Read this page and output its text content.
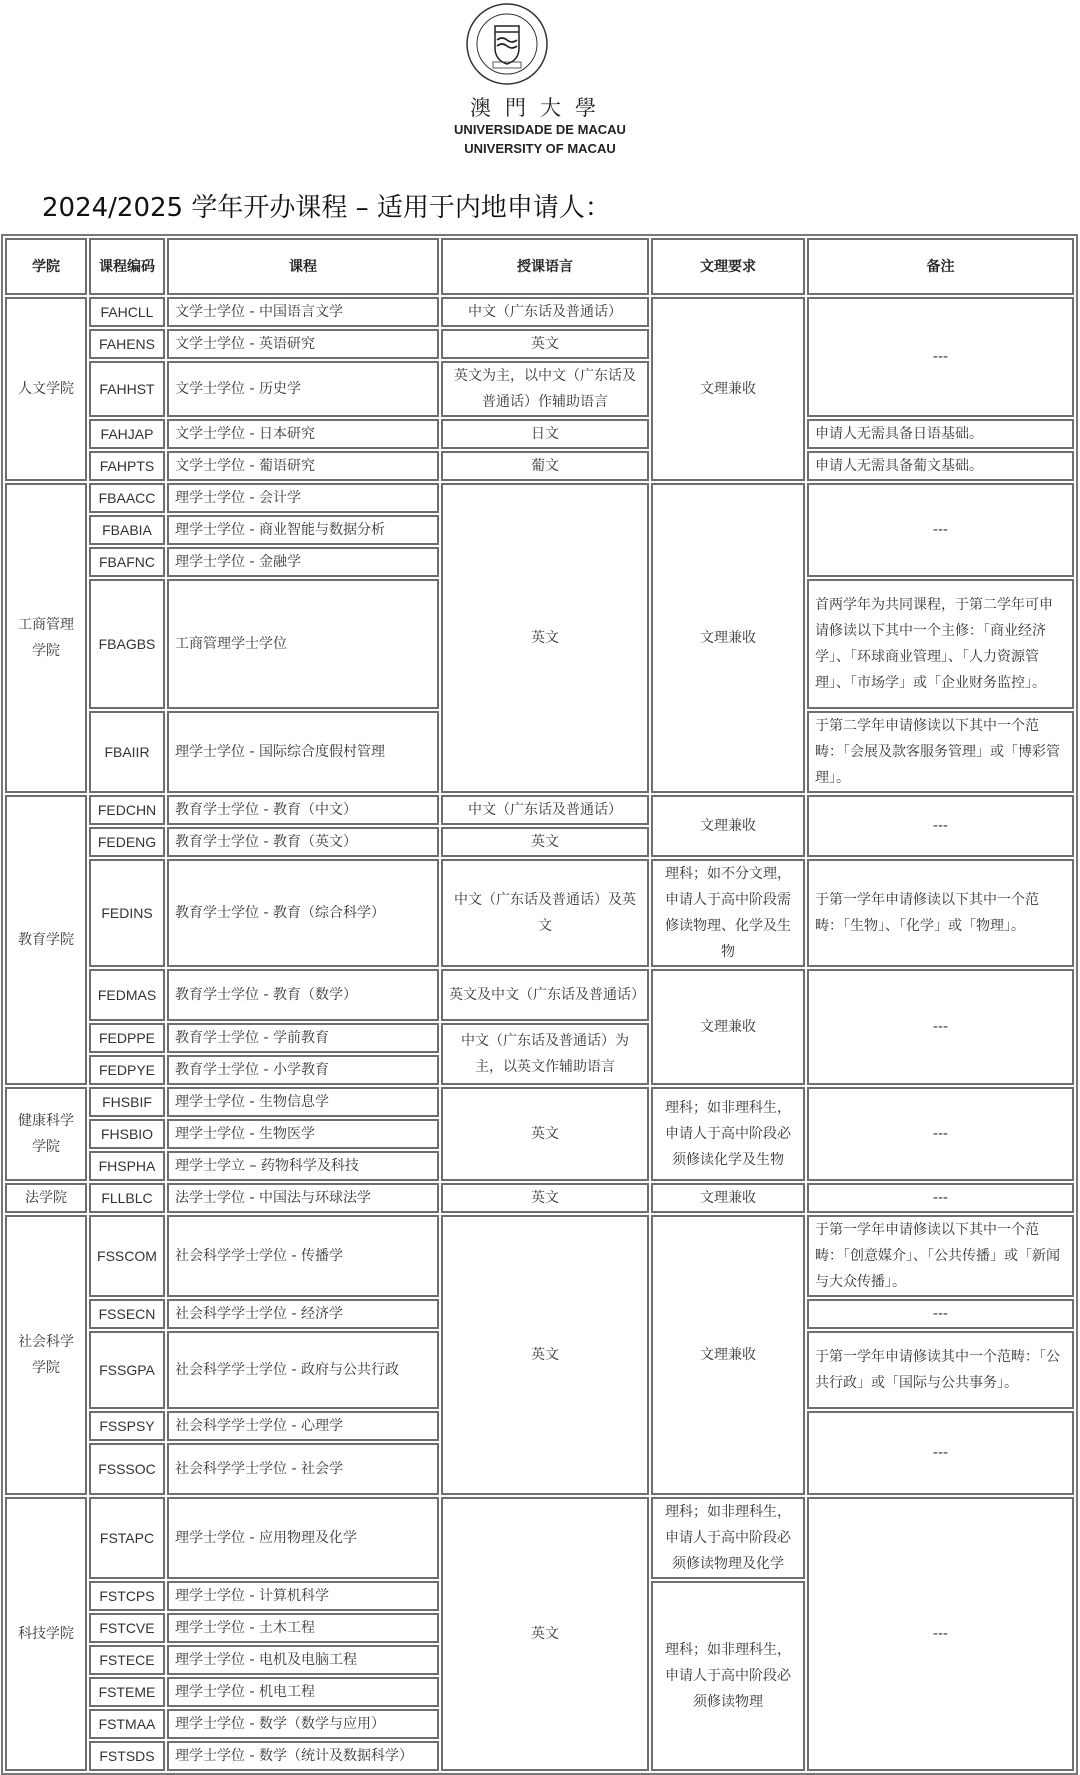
澳門大學
UNIVERSIDADE DE MACAU
UNIVERSITY OF MACAU
2024/2025 学年开办课程 – 适用于内地申请人：
学院	课程编码	课程	授课语言	文理要求	备注
人文学院	FAHCLL	文学士学位 - 中国语言文学	中文（广东话及普通话）	文理兼收	---
	FAHENS	文学士学位 - 英语研究	英文		
	FAHHST	文学士学位 - 历史学	英文为主，以中文（广东话及普通话）作辅助语言		
	FAHJAP	文学士学位 - 日本研究	日文		申请人无需具备日语基础。
	FAHPTS	文学士学位 - 葡语研究	葡文		申请人无需具备葡文基础。
工商管理学院	FBAACC	理学士学位 - 会计学	英文	文理兼收	---
	FBABIA	理学士学位 - 商业智能与数据分析			
	FBAFNC	理学士学位 - 金融学			
	FBAGBS	工商管理学士学位			首两学年为共同课程，于第二学年可申请修读以下其中一个主修：「商业经济学」、「环球商业管理」、「人力资源管理」、「市场学」或「企业财务监控」。
	FBAIIR	理学士学位 - 国际综合度假村管理			于第二学年申请修读以下其中一个范畴：「会展及款客服务管理」或「博彩管理」。
教育学院	FEDCHN	教育学士学位 - 教育（中文）	中文（广东话及普通话）	文理兼收	---
	FEDENG	教育学士学位 - 教育（英文）	英文		
	FEDINS	教育学士学位 - 教育（综合科学）	中文（广东话及普通话）及英文	理科；如不分文理，申请人于高中阶段需修读物理、化学及生物	于第一学年申请修读以下其中一个范畴：「生物」、「化学」或「物理」。
	FEDMAS	教育学士学位 - 教育（数学）	英文及中文（广东话及普通话）	文理兼收	---
	FEDPPE	教育学士学位 - 学前教育	中文（广东话及普通话）为主，以英文作辅助语言		
	FEDPYE	教育学士学位 - 小学教育			
健康科学学院	FHSBIF	理学士学位 - 生物信息学	英文	理科；如非理科生，申请人于高中阶段必须修读化学及生物	---
	FHSBIO	理学士学位 - 生物医学			
	FHSPHA	理学士学立 – 药物科学及科技			
法学院	FLLBLC	法学士学位 - 中国法与环球法学	英文	文理兼收	---
社会科学学院	FSSCOM	社会科学学士学位 - 传播学	英文	文理兼收	于第一学年申请修读以下其中一个范畴：「创意媒介」、「公共传播」或「新闻与大众传播」。
	FSSECN	社会科学学士学位 - 经济学			---
	FSSGPA	社会科学学士学位 - 政府与公共行政			于第一学年申请修读其中一个范畴：「公共行政」或「国际与公共事务」。
	FSSPSY	社会科学学士学位 - 心理学			---
	FSSSOC	社会科学学士学位 - 社会学			
科技学院	FSTAPC	理学士学位 - 应用物理及化学	英文	理科；如非理科生，申请人于高中阶段必须修读物理及化学	---
	FSTCPS	理学士学位 - 计算机科学		理科；如非理科生，申请人于高中阶段必须修读物理	
	FSTCVE	理学士学位 - 土木工程			
	FSTECE	理学士学位 - 电机及电脑工程			
	FSTEME	理学士学位 - 机电工程			
	FSTMAA	理学士学位 - 数学（数学与应用）			
	FSTSDS	理学士学位 - 数学（统计及数据科学）			
